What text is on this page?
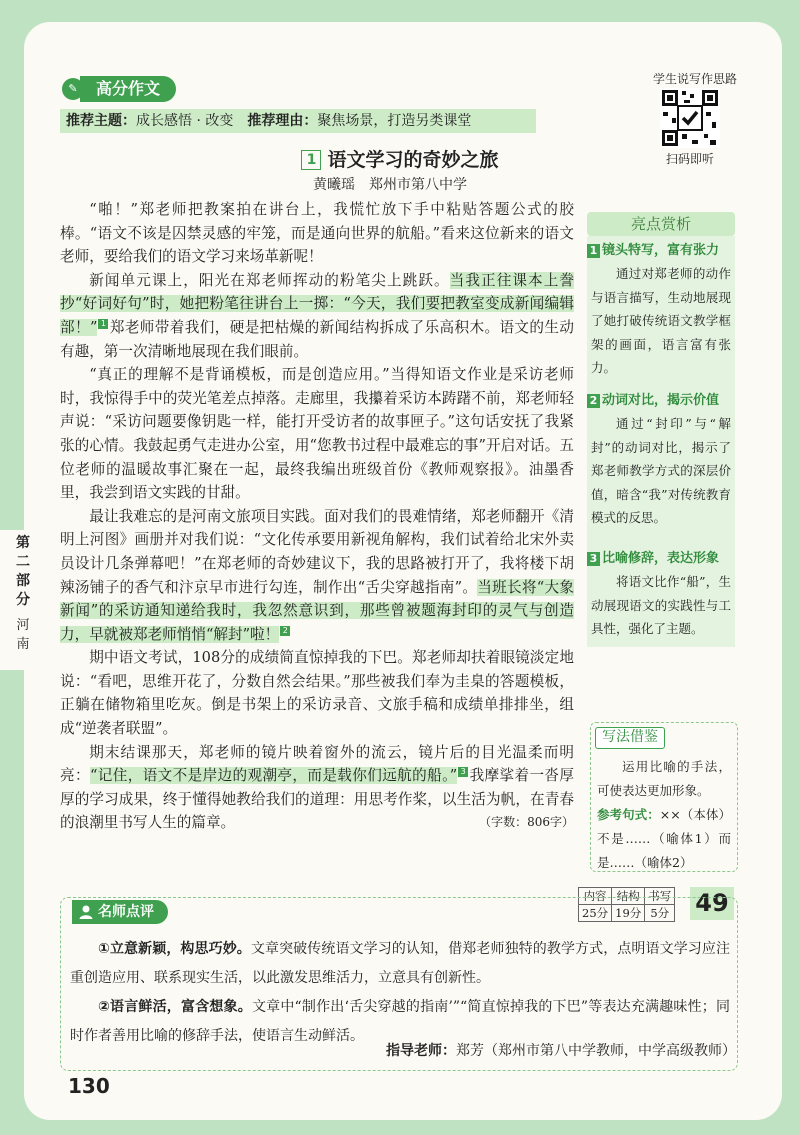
高分作文
✎
推荐主题：成长感悟 · 改变 推荐理由：聚焦场景，打造另类课堂
学生说写作思路
扫码即听
1 语文学习的奇妙之旅
黄曦瑶　郑州市第八中学

“啪！”郑老师把教案拍在讲台上，我慌忙放下手中粘贴答题公式的胶棒。“语文不该是囚禁灵感的牢笼，而是通向世界的航船。”看来这位新来的语文老师，要给我们的语文学习来场革新呢！

新闻单元课上，阳光在郑老师挥动的粉笔尖上跳跃。当我正往课本上誊抄“好词好句”时，她把粉笔往讲台上一掷：“今天，我们要把教室变成新闻编辑部！” 1 郑老师带着我们，硬是把枯燥的新闻结构拆成了乐高积木。语文的生动有趣，第一次清晰地展现在我们眼前。

“真正的理解不是背诵模板，而是创造应用。”当得知语文作业是采访老师时，我惊得手中的荧光笔差点掉落。走廊里，我攥着采访本踌躇不前，郑老师轻声说：“采访问题要像钥匙一样，能打开受访者的故事匣子。”这句话安抚了我紧张的心情。我鼓起勇气走进办公室，用“您教书过程中最难忘的事”开启对话。五位老师的温暖故事汇聚在一起，最终我编出班级首份《教师观察报》。油墨香里，我尝到语文实践的甘甜。

最让我难忘的是河南文旅项目实践。面对我们的畏难情绪，郑老师翻开《清明上河图》画册并对我们说：“文化传承要用新视角解构，我们试着给北宋外卖员设计几条弹幕吧！”在郑老师的奇妙建议下，我的思路被打开了，我将楼下胡辣汤铺子的香气和汴京早市进行勾连，制作出“舌尖穿越指南”。当班长将“大象新闻”的采访通知递给我时，我忽然意识到，那些曾被题海封印的灵气与创造力，早就被郑老师悄悄“解封”啦！ 2

期中语文考试，108分的成绩简直惊掉我的下巴。郑老师却扶着眼镜淡定地说：“看吧，思维开花了，分数自然会结果。”那些被我们奉为圭臬的答题模板，正躺在储物箱里吃灰。倒是书架上的采访录音、文旅手稿和成绩单排排坐，组成“逆袭者联盟”。

期末结课那天，郑老师的镜片映着窗外的流云，镜片后的目光温柔而明亮：“记住，语文不是岸边的观潮亭，而是载你们远航的船。” 3 我摩挲着一沓厚厚的学习成果，终于懂得她教给我们的道理：用思考作桨，以生活为帆，在青春的浪潮里书写人生的篇章。	（字数：806字）

亮点赏析
1 镜头特写，富有张力
通过对郑老师的动作与语言描写，生动地展现了她打破传统语文教学框架的画面，语言富有张力。
2 动词对比，揭示价值
通过“封印”与“解封”的动词对比，揭示了郑老师教学方式的深层价值，暗含“我”对传统教育模式的反思。
3 比喻修辞，表达形象
将语文比作“船”，生动展现语文的实践性与工具性，强化了主题。
写法借鉴
运用比喻的手法，可使表达更加形象。
参考句式：××（本体）不是……（喻体1）而是……（喻体2）
内容	结构	书写
25分	19分	5分 49
名师点评

①立意新颖，构思巧妙。文章突破传统语文学习的认知，借郑老师独特的教学方式，点明语文学习应注重创造应用、联系现实生活，以此激发思维活力，立意具有创新性。

②语言鲜活，富含想象。文章中“制作出‘舌尖穿越的指南’”“简直惊掉我的下巴”等表达充满趣味性；同时作者善用比喻的修辞手法，使语言生动鲜活。

指导老师：郑芳（郑州市第八中学教师，中学高级教师）
第
二
部
分
河
南
130
